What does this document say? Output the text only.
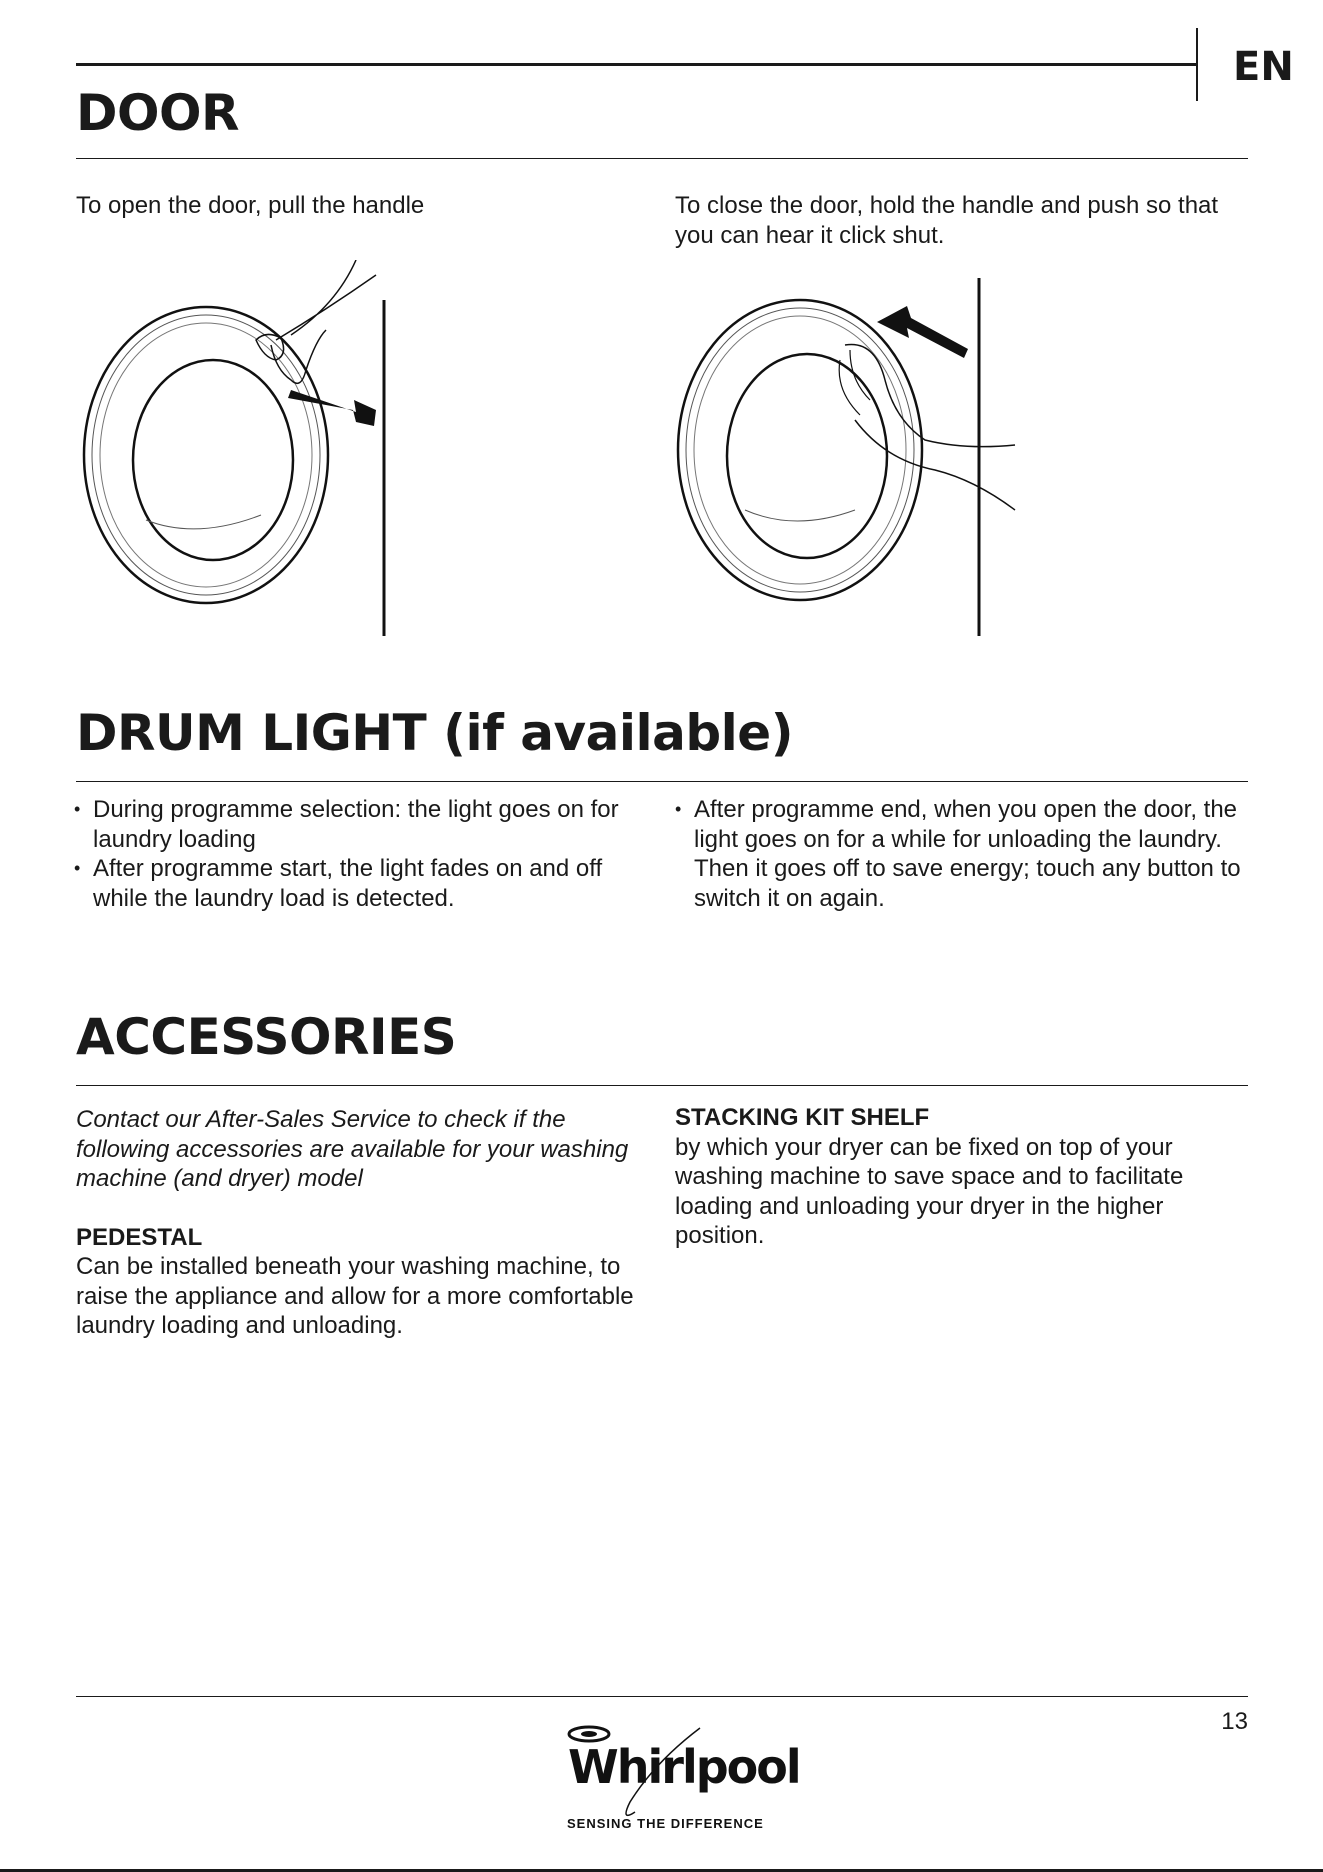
EN
DOOR

To open the door, pull the handle	To close the door, hold the handle and push so that you can hear it click shut.

DRUM LIGHT (if available)
• During programme selection: the light goes on for laundry loading
• After programme start, the light fades on and off while the laundry load is detected.
• After programme end, when you open the door, the light goes on for a while for unloading the laundry. Then it goes off to save energy; touch any button to switch it on again.
ACCESSORIES

Contact our After-Sales Service to check if the following accessories are available for your washing machine (and dryer) model

PEDESTAL

Can be installed beneath your washing machine, to raise the appliance and allow for a more comfortable laundry loading and unloading.

STACKING KIT SHELF

by which your dryer can be fixed on top of your washing machine to save space and to facilitate loading and unloading your dryer in the higher position.

13
Whirlpool
SENSING THE DIFFERENCE
